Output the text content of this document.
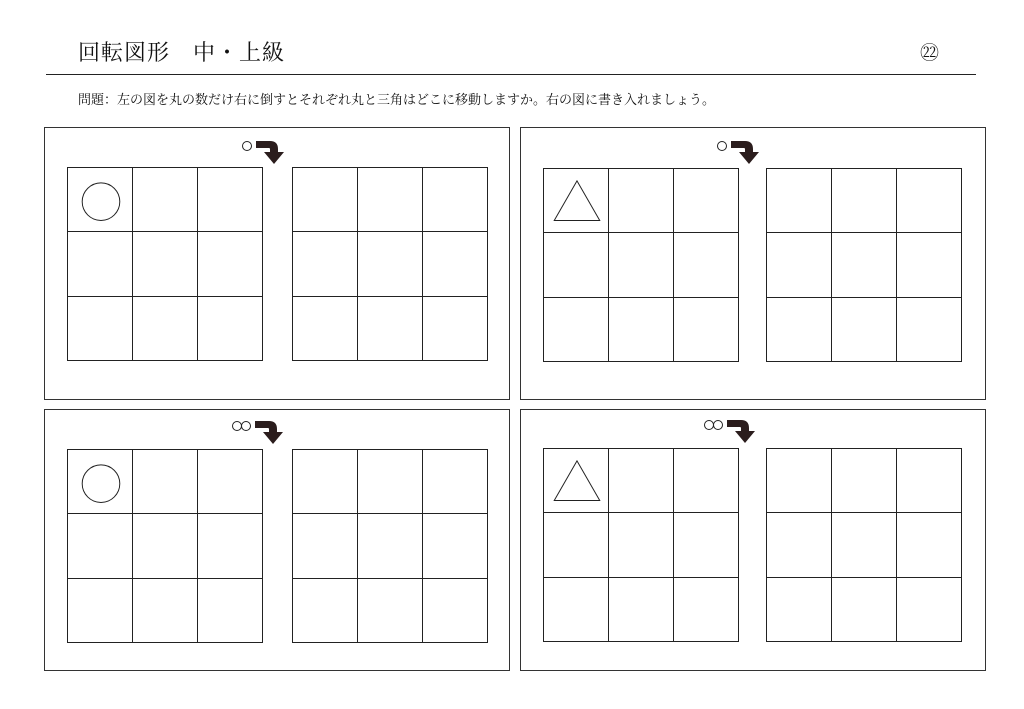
回転図形　中・上級	㉒
問題：左の図を丸の数だけ右に倒すとそれぞれ丸と三角はどこに移動しますか。右の図に書き入れましょう。
